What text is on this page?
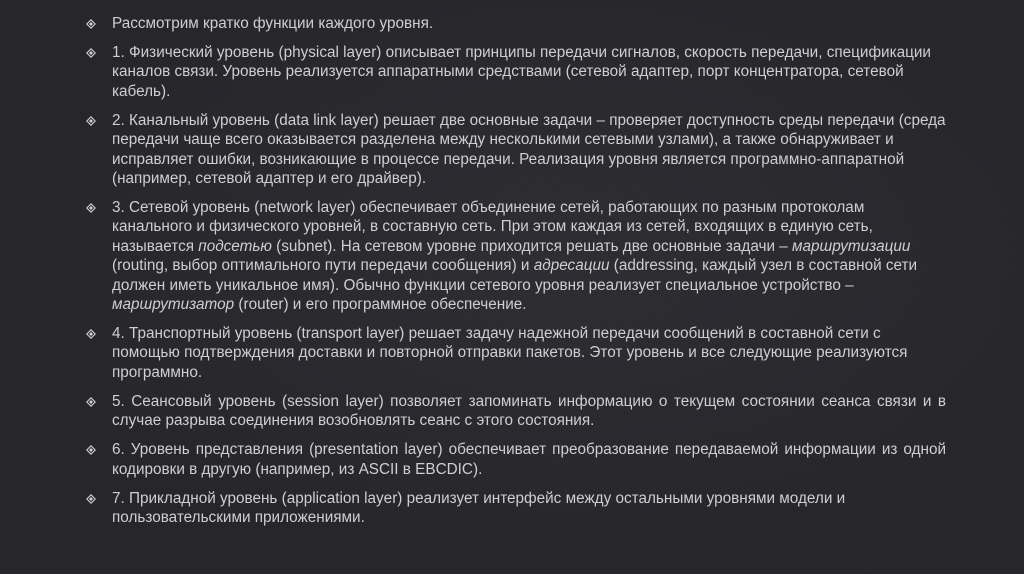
Рассмотрим кратко функции каждого уровня.
1. Физический уровень (physical layer) описывает принципы передачи сигналов, скорость передачи, спецификации каналов связи. Уровень реализуется аппаратными средствами (сетевой адаптер, порт концентратора, сетевой кабель).
2. Канальный уровень (data link layer) решает две основные задачи – проверяет доступность среды передачи (среда передачи чаще всего оказывается разделена между несколькими сетевыми узлами), а также обнаруживает и исправляет ошибки, возникающие в процессе передачи. Реализация уровня является программно-аппаратной (например, сетевой адаптер и его драйвер).
3. Сетевой уровень (network layer) обеспечивает объединение сетей, работающих по разным протоколам канального и физического уровней, в составную сеть. При этом каждая из сетей, входящих в единую сеть, называется подсетью (subnet). На сетевом уровне приходится решать две основные задачи – маршрутизации (routing, выбор оптимального пути передачи сообщения) и адресации (addressing, каждый узел в составной сети должен иметь уникальное имя). Обычно функции сетевого уровня реализует специальное устройство – маршрутизатор (router) и его программное обеспечение.
4. Транспортный уровень (transport layer) решает задачу надежной передачи сообщений в составной сети с помощью подтверждения доставки и повторной отправки пакетов. Этот уровень и все следующие реализуются программно.
5. Сеансовый уровень (session layer) позволяет запоминать информацию о текущем состоянии сеанса связи и в случае разрыва соединения возобновлять сеанс с этого состояния.
6. Уровень представления (presentation layer) обеспечивает преобразование передаваемой информации из одной кодировки в другую (например, из ASCII в EBCDIC).
7. Прикладной уровень (application layer) реализует интерфейс между остальными уровнями модели и пользовательскими приложениями.
